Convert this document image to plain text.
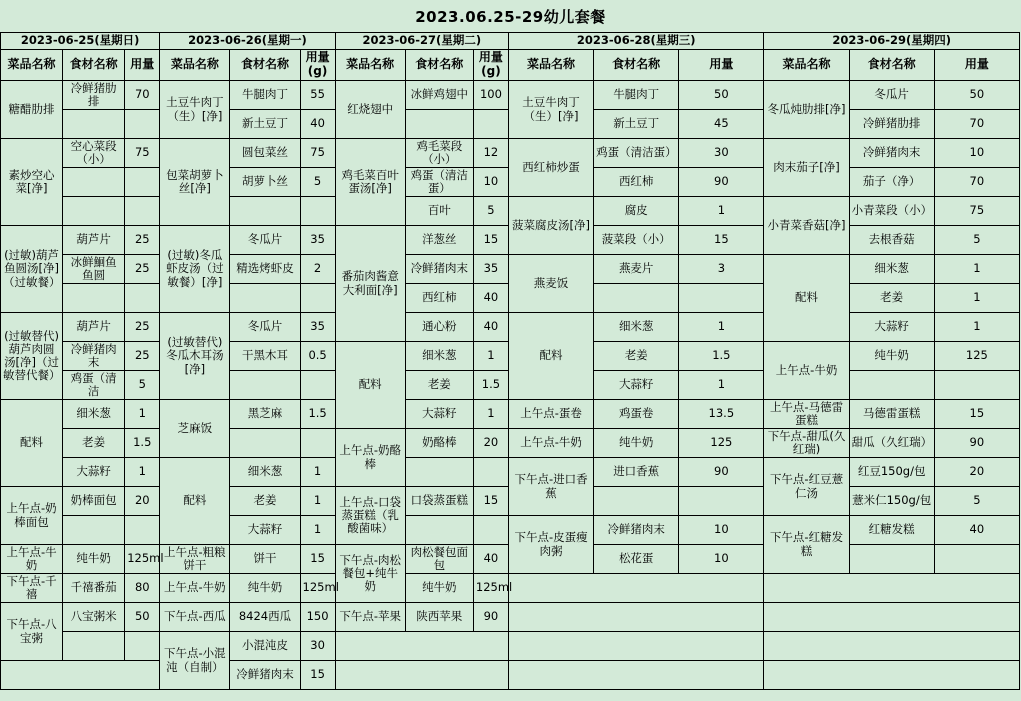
2023.06.25-29幼儿套餐
2023-06-25(星期日)			2023-06-26(星期一)			2023-06-27(星期二)			2023-06-28(星期三)			2023-06-29(星期四)		
菜品名称	食材名称	用量	菜品名称	食材名称	用量(g)	菜品名称	食材名称	用量(g)	菜品名称	食材名称	用量	菜品名称	食材名称	用量
糖醋肋排	冷鲜猪肋排	70	土豆牛肉丁（生）[净]	牛腿肉丁	55	红烧翅中	冰鲜鸡翅中	100	土豆牛肉丁（生）[净]	牛腿肉丁	50	冬瓜炖肋排[净]	冬瓜片	50
				新土豆丁	40					新土豆丁	45		冷鲜猪肋排	70
素炒空心菜[净]	空心菜段（小）	75	包菜胡萝卜丝[净]	圆包菜丝	75	鸡毛菜百叶蛋汤[净]	鸡毛菜段（小）	12	西红柿炒蛋	鸡蛋（清洁蛋）	30	肉末茄子[净]	冷鲜猪肉末	10
				胡萝卜丝	5		鸡蛋（清洁蛋）	10		西红柿	90		茄子（净）	70
							百叶	5	菠菜腐皮汤[净]	腐皮	1	小青菜香菇[净]	小青菜段（小）	75
(过敏)葫芦鱼圆汤[净]（过敏餐）	葫芦片	25	(过敏)冬瓜虾皮汤（过敏餐）[净]	冬瓜片	35	番茄肉酱意大利面[净]	洋葱丝	15		菠菜段（小）	15		去根香菇	5
	冰鲜鮰鱼鱼圆	25		精选烤虾皮	2		冷鲜猪肉末	35	燕麦饭	燕麦片	3	配料	细米葱	1
							西红柿	40					老姜	1
(过敏替代)葫芦肉圆汤[净]（过敏替代餐）	葫芦片	25	(过敏替代)冬瓜木耳汤[净]	冬瓜片	35		通心粉	40	配料	细米葱	1		大蒜籽	1
	冷鲜猪肉末	25		干黑木耳	0.5	配料	细米葱	1		老姜	1.5	上午点-牛奶	纯牛奶	125
	鸡蛋（清洁	5					老姜	1.5		大蒜籽	1			
配料	细米葱	1	芝麻饭	黑芝麻	1.5		大蒜籽	1	上午点-蛋卷	鸡蛋卷	13.5	上午点-马德雷蛋糕	马德雷蛋糕	15
	老姜	1.5				上午点-奶酪棒	奶酪棒	20	上午点-牛奶	纯牛奶	125	下午点-甜瓜(久红瑞)	甜瓜（久红瑞）	90
	大蒜籽	1	配料	细米葱	1				下午点-进口香蕉	进口香蕉	90	下午点-红豆薏仁汤	红豆150g/包	20
上午点-奶棒面包	奶棒面包	20		老姜	1	上午点-口袋蒸蛋糕（乳酸菌味）	口袋蒸蛋糕	15					薏米仁150g/包	5
				大蒜籽	1				下午点-皮蛋瘦肉粥	冷鲜猪肉末	10	下午点-红糖发糕	红糖发糕	40
上午点-牛奶	纯牛奶	125ml	上午点-粗粮饼干	饼干	15	下午点-肉松餐包+纯牛奶	肉松餐包面包	40		松花蛋	10			
下午点-千禧	千禧番茄	80	上午点-牛奶	纯牛奶	125ml		纯牛奶	125ml						
下午点-八宝粥	八宝粥米	50	下午点-西瓜	8424西瓜	150	下午点-苹果	陕西苹果	90						
			下午点-小混沌（自制）	小混沌皮	30									
				冷鲜猪肉末	15									
